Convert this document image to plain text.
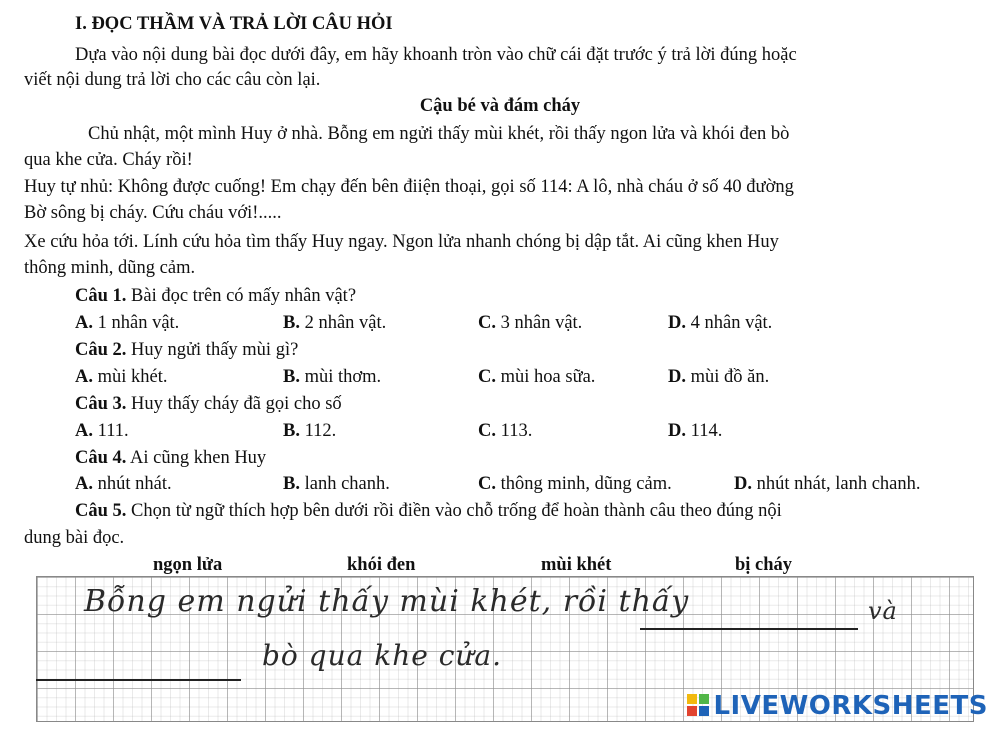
I. ĐỌC THẦM VÀ TRẢ LỜI CÂU HỎI
Dựa vào nội dung bài đọc dưới đây, em hãy khoanh tròn vào chữ cái đặt trước ý trả lời đúng hoặc
viết nội dung trả lời cho các câu còn lại.
Cậu bé và đám cháy
Chủ nhật, một mình Huy ở nhà. Bỗng em ngửi thấy mùi khét, rồi thấy ngon lửa và khói đen bò
qua khe cửa. Cháy rồi!
Huy tự nhủ: Không được cuống! Em chạy đến bên điiện thoại, gọi số 114: A lô, nhà cháu ở số 40 đường
Bờ sông bị cháy. Cứu cháu với!.....
Xe cứu hỏa tới. Lính cứu hỏa tìm thấy Huy ngay. Ngon lửa nhanh chóng bị dập tắt. Ai cũng khen Huy
thông minh, dũng cảm.
Câu 1. Bài đọc trên có mấy nhân vật?
A. 1 nhân vật.	B. 2 nhân vật.	C. 3 nhân vật.	D. 4 nhân vật.
Câu 2. Huy ngửi thấy mùi gì?
A. mùi khét.	B. mùi thơm.	C. mùi hoa sữa.	D. mùi đồ ăn.
Câu 3. Huy thấy cháy đã gọi cho số
A. 111.	B. 112.	C. 113.	D. 114.
Câu 4. Ai cũng khen Huy
A. nhút nhát.	B. lanh chanh.	C. thông minh, dũng cảm.	D. nhút nhát, lanh chanh.
Câu 5. Chọn từ ngữ thích hợp bên dưới rồi điền vào chỗ trống để hoàn thành câu theo đúng nội
dung bài đọc.
ngọn lửa	khói đen	mùi khét	bị cháy
Bỗng em ngửi thấy mùi khét, rồi thấy	và
bò qua khe cửa.
LIVEWORKSHEETS
